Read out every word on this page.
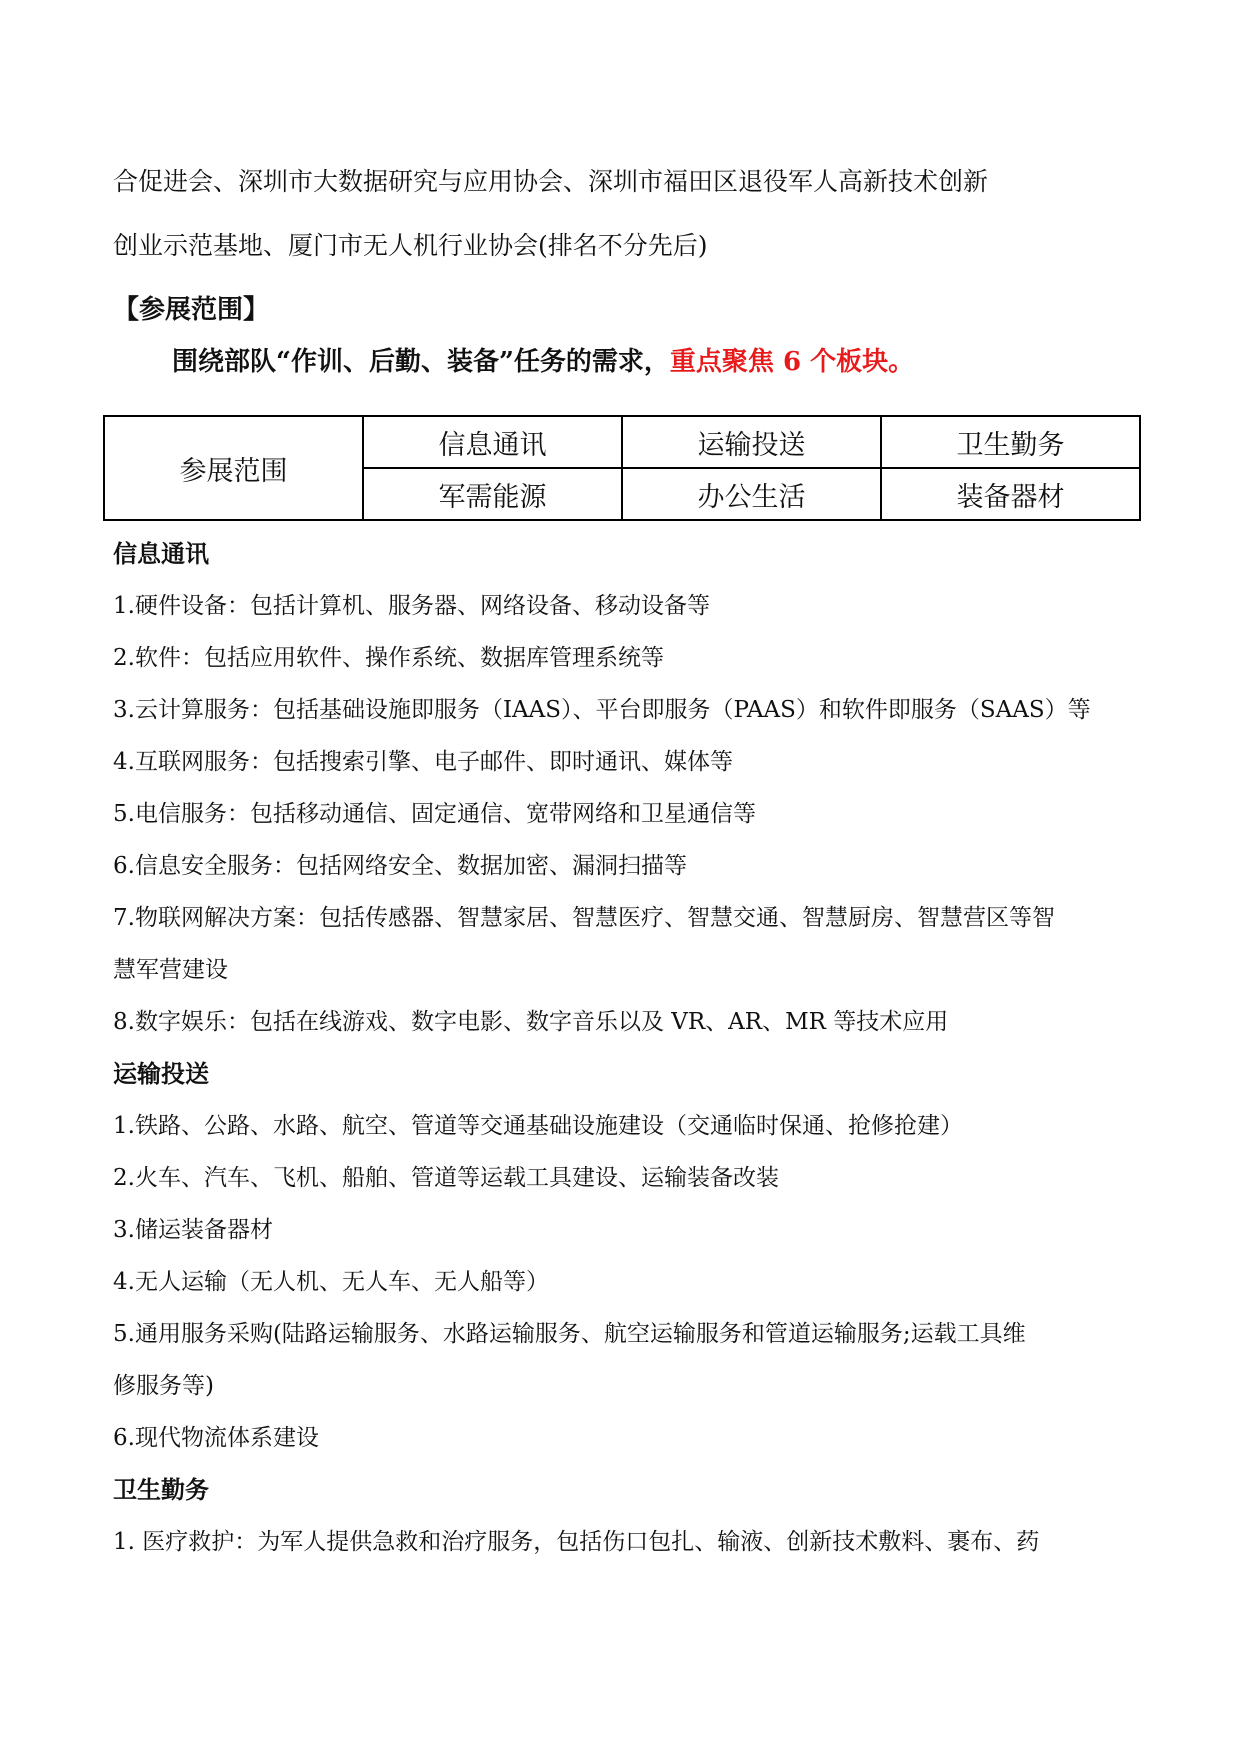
合促进会、深圳市大数据研究与应用协会、深圳市福田区退役军人高新技术创新
创业示范基地、厦门市无人机行业协会(排名不分先后)
【参展范围】
围绕部队“作训、后勤、装备”任务的需求，重点聚焦 6 个板块。
参展范围	信息通讯	运输投送	卫生勤务
	军需能源	办公生活	装备器材
信息通讯
1.硬件设备：包括计算机、服务器、网络设备、移动设备等
2.软件：包括应用软件、操作系统、数据库管理系统等
3.云计算服务：包括基础设施即服务（IAAS）、平台即服务（PAAS）和软件即服务（SAAS）等
4.互联网服务：包括搜索引擎、电子邮件、即时通讯、媒体等
5.电信服务：包括移动通信、固定通信、宽带网络和卫星通信等
6.信息安全服务：包括网络安全、数据加密、漏洞扫描等
7.物联网解决方案：包括传感器、智慧家居、智慧医疗、智慧交通、智慧厨房、智慧营区等智
慧军营建设
8.数字娱乐：包括在线游戏、数字电影、数字音乐以及 VR、AR、MR 等技术应用
运输投送
1.铁路、公路、水路、航空、管道等交通基础设施建设（交通临时保通、抢修抢建）
2.火车、汽车、飞机、船舶、管道等运载工具建设、运输装备改装
3.储运装备器材
4.无人运输（无人机、无人车、无人船等）
5.通用服务采购(陆路运输服务、水路运输服务、航空运输服务和管道运输服务;运载工具维
修服务等)
6.现代物流体系建设
卫生勤务
1. 医疗救护：为军人提供急救和治疗服务，包括伤口包扎、输液、创新技术敷料、裹布、药
